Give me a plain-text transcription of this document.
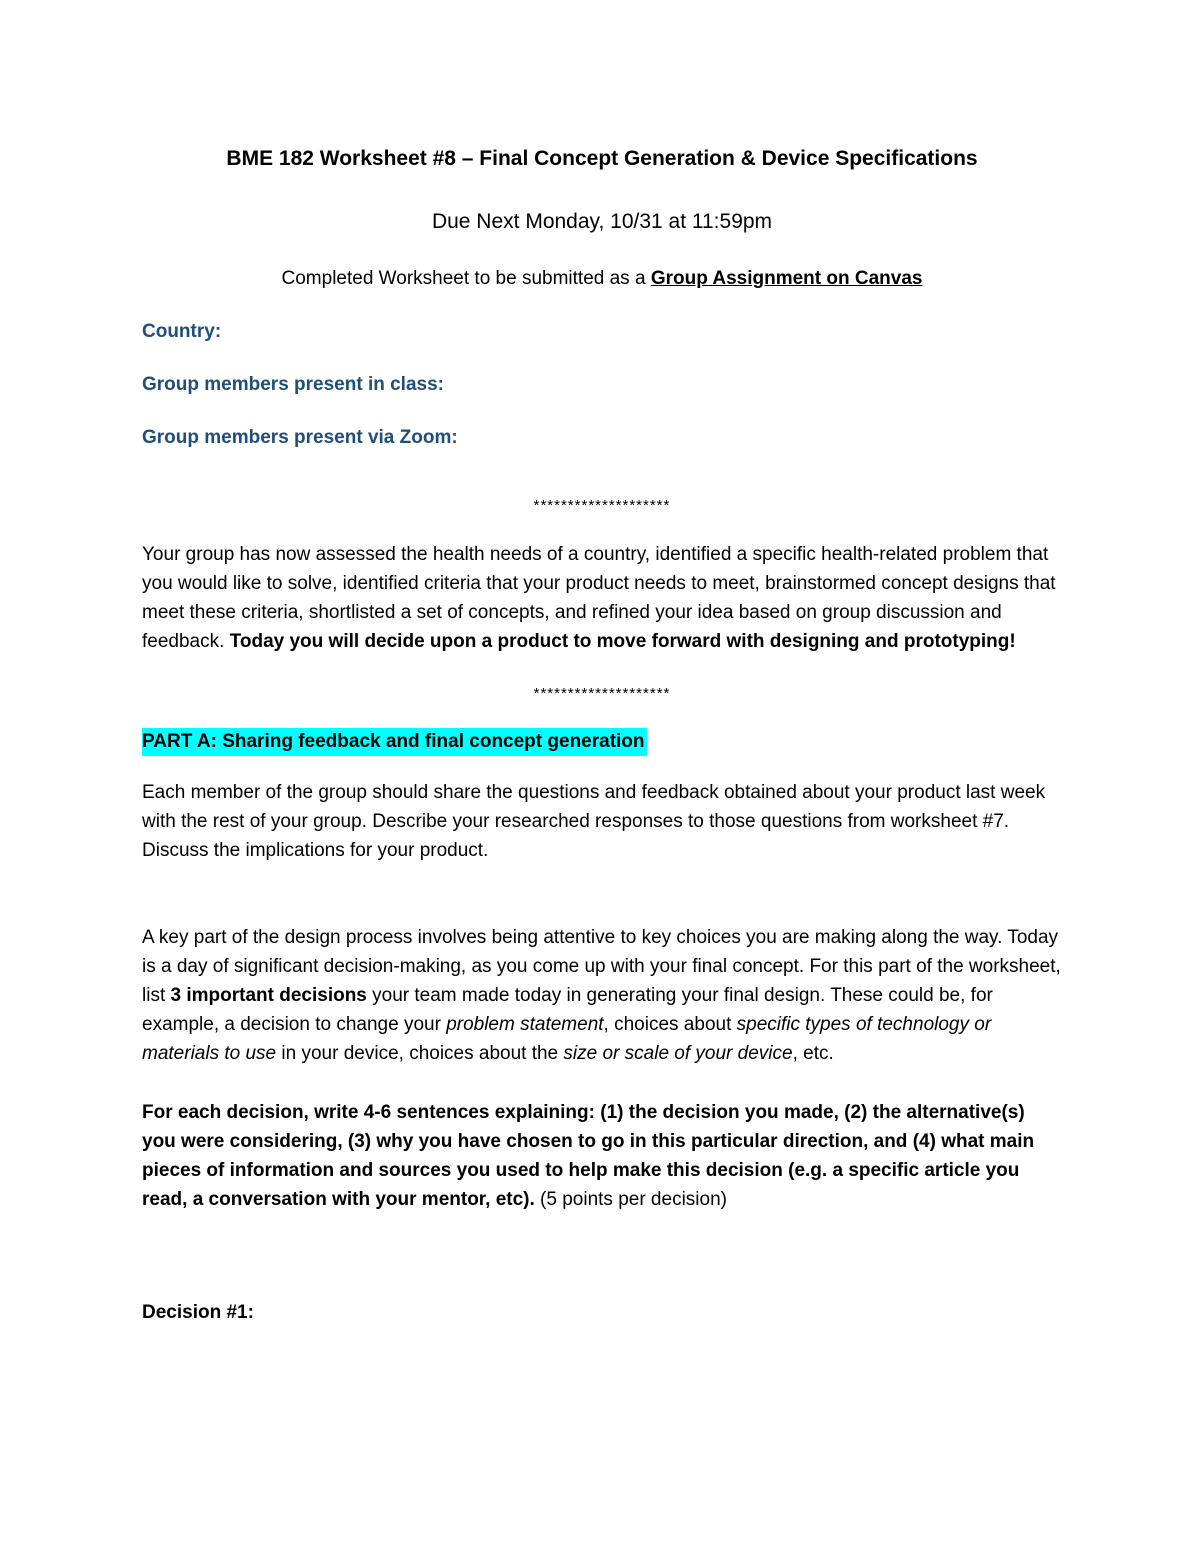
BME 182 Worksheet #8 – Final Concept Generation & Device Specifications
Due Next Monday, 10/31 at 11:59pm
Completed Worksheet to be submitted as a Group Assignment on Canvas
Country:
Group members present in class:
Group members present via Zoom:
********************

Your group has now assessed the health needs of a country, identified a specific health-related problem that you would like to solve, identified criteria that your product needs to meet, brainstormed concept designs that meet these criteria, shortlisted a set of concepts, and refined your idea based on group discussion and feedback. Today you will decide upon a product to move forward with designing and prototyping!

********************
PART A: Sharing feedback and final concept generation

Each member of the group should share the questions and feedback obtained about your product last week with the rest of your group. Describe your researched responses to those questions from worksheet #7. Discuss the implications for your product.

A key part of the design process involves being attentive to key choices you are making along the way. Today is a day of significant decision-making, as you come up with your final concept. For this part of the worksheet, list 3 important decisions your team made today in generating your final design. These could be, for example, a decision to change your problem statement, choices about specific types of technology or materials to use in your device, choices about the size or scale of your device, etc.

For each decision, write 4-6 sentences explaining: (1) the decision you made, (2) the alternative(s) you were considering, (3) why you have chosen to go in this particular direction, and (4) what main pieces of information and sources you used to help make this decision (e.g. a specific article you read, a conversation with your mentor, etc). (5 points per decision)

Decision #1:
